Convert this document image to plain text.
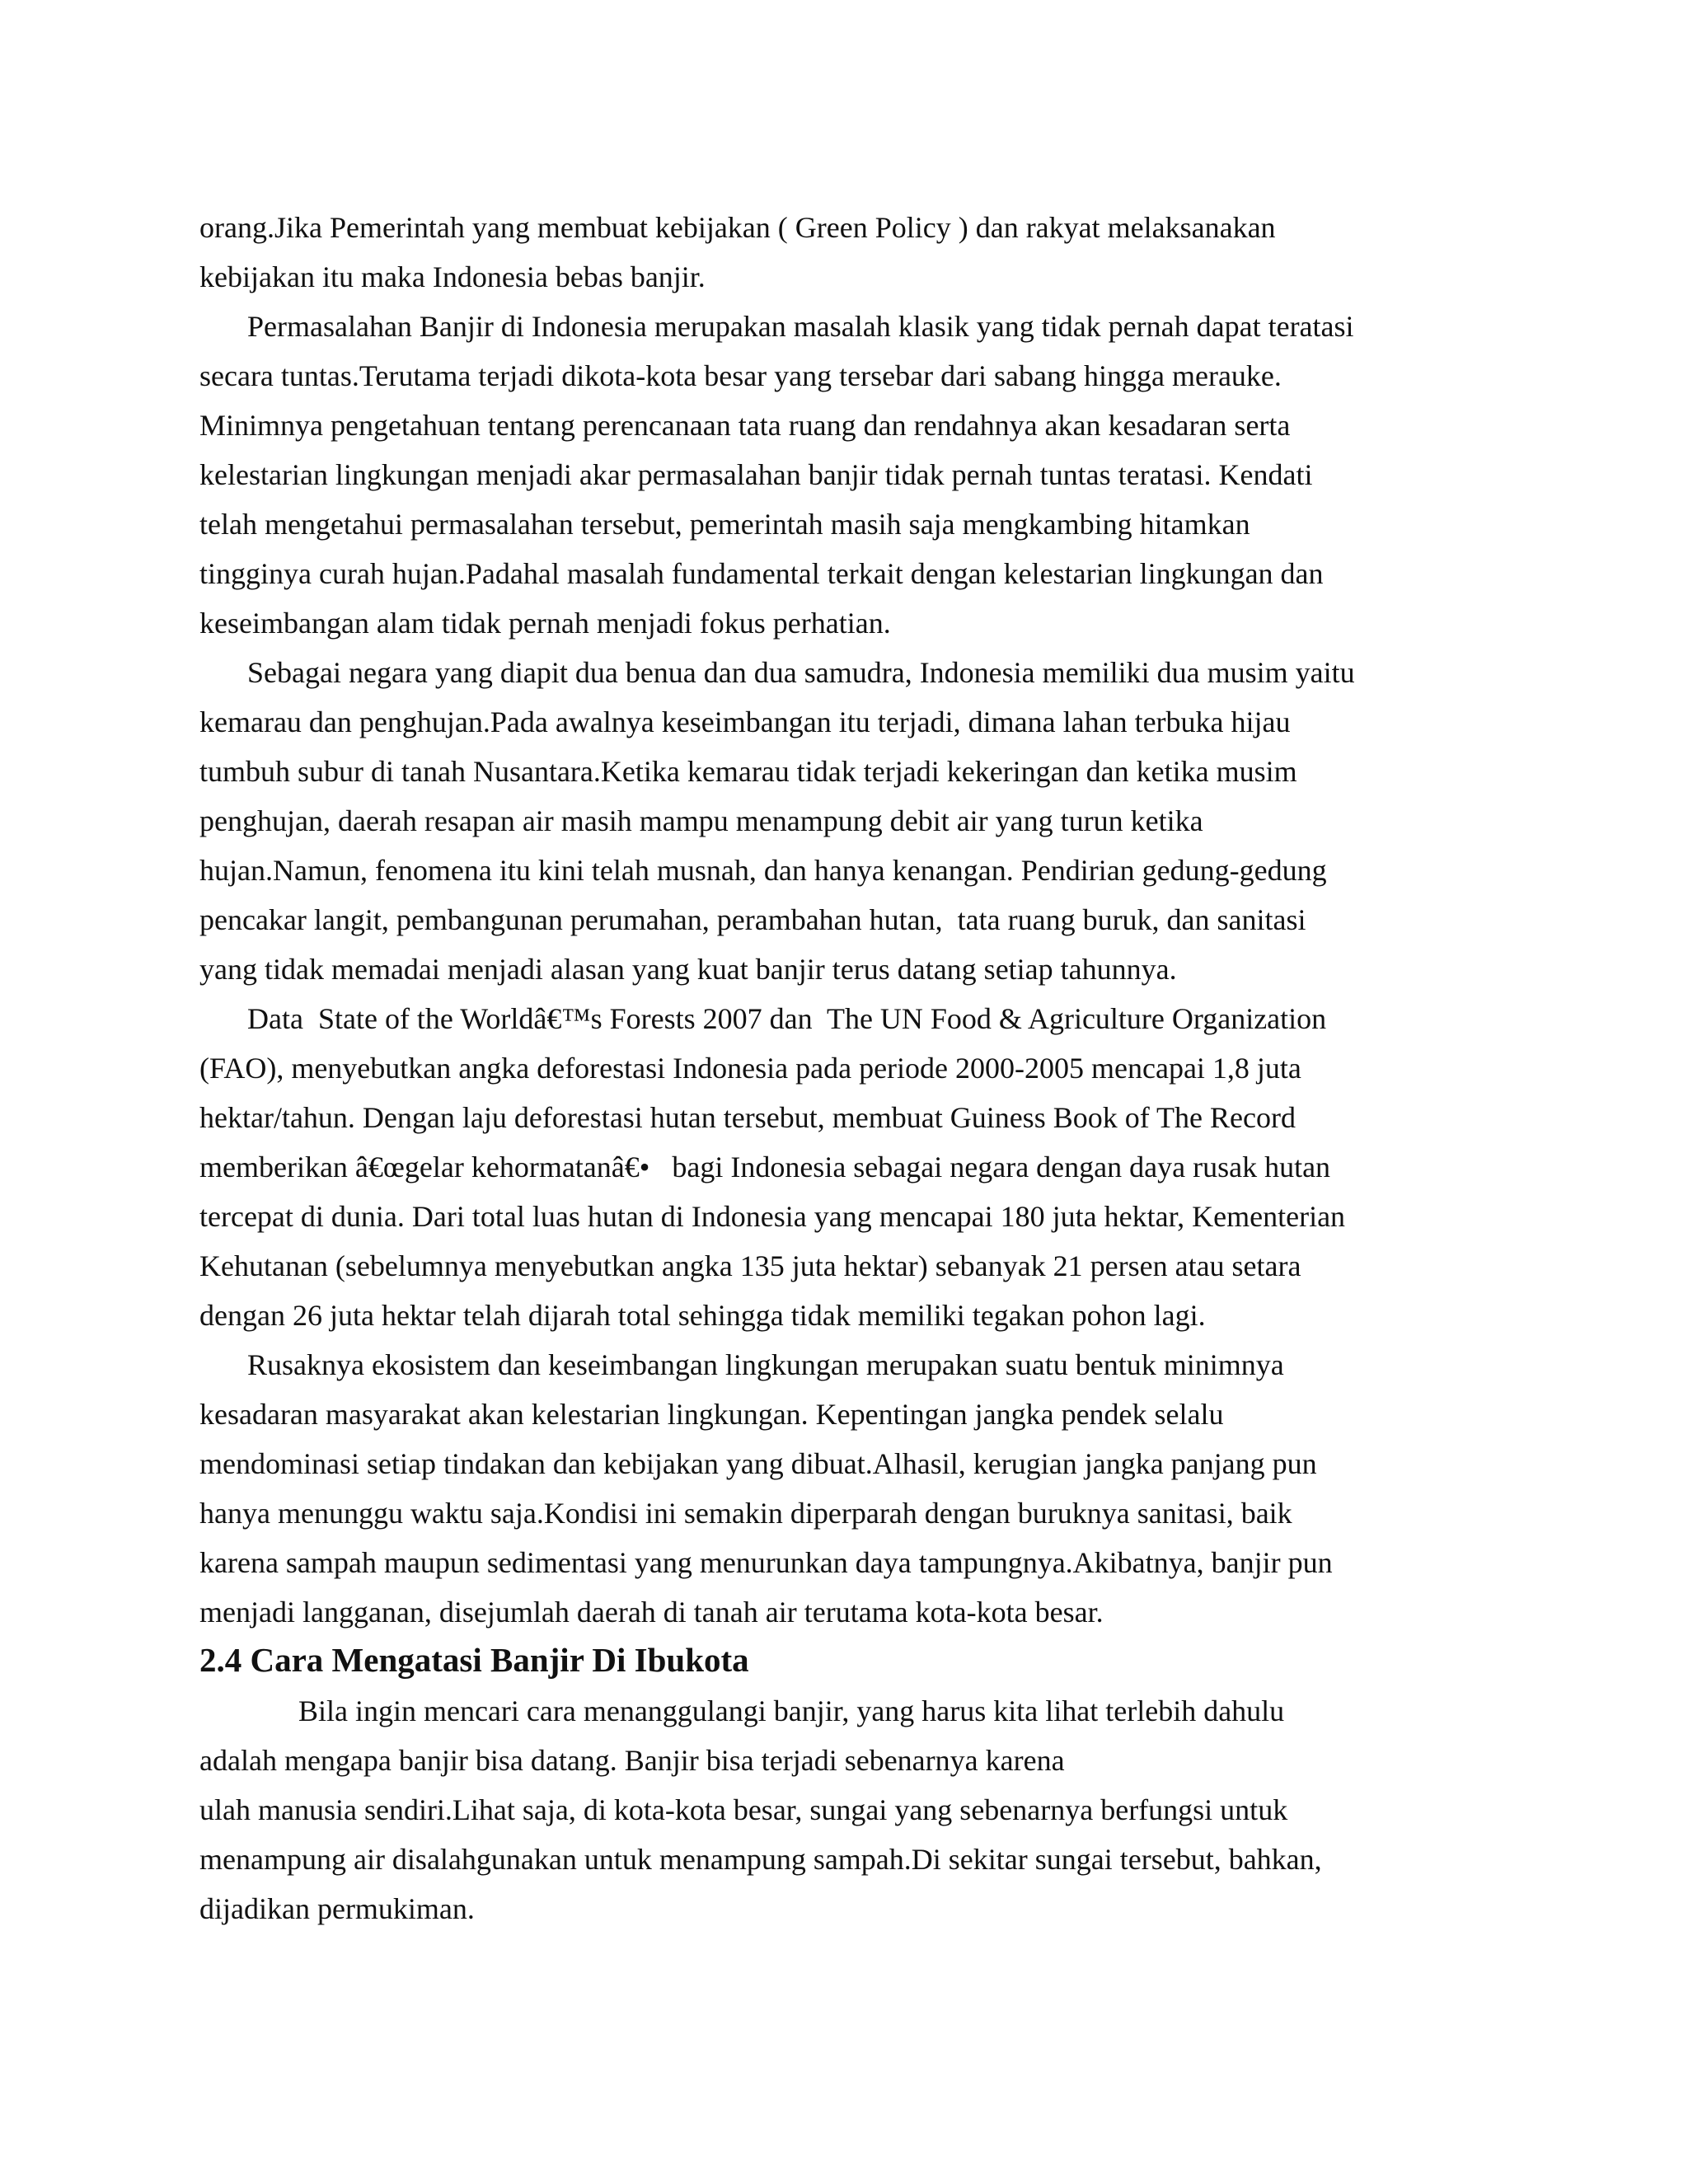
orang.Jika Pemerintah yang membuat kebijakan ( Green Policy ) dan rakyat melaksanakan
kebijakan itu maka Indonesia bebas banjir.
Permasalahan Banjir di Indonesia merupakan masalah klasik yang tidak pernah dapat teratasi
secara tuntas.Terutama terjadi dikota-kota besar yang tersebar dari sabang hingga merauke.
Minimnya pengetahuan tentang perencanaan tata ruang dan rendahnya akan kesadaran serta
kelestarian lingkungan menjadi akar permasalahan banjir tidak pernah tuntas teratasi. Kendati
telah mengetahui permasalahan tersebut, pemerintah masih saja mengkambing hitamkan
tingginya curah hujan.Padahal masalah fundamental terkait dengan kelestarian lingkungan dan
keseimbangan alam tidak pernah menjadi fokus perhatian.
Sebagai negara yang diapit dua benua dan dua samudra, Indonesia memiliki dua musim yaitu
kemarau dan penghujan.Pada awalnya keseimbangan itu terjadi, dimana lahan terbuka hijau
tumbuh subur di tanah Nusantara.Ketika kemarau tidak terjadi kekeringan dan ketika musim
penghujan, daerah resapan air masih mampu menampung debit air yang turun ketika
hujan.Namun, fenomena itu kini telah musnah, dan hanya kenangan. Pendirian gedung-gedung
pencakar langit, pembangunan perumahan, perambahan hutan,  tata ruang buruk, dan sanitasi
yang tidak memadai menjadi alasan yang kuat banjir terus datang setiap tahunnya.
Data  State of the Worldâ€™s Forests 2007 dan  The UN Food & Agriculture Organization
(FAO), menyebutkan angka deforestasi Indonesia pada periode 2000-2005 mencapai 1,8 juta
hektar/tahun. Dengan laju deforestasi hutan tersebut, membuat Guiness Book of The Record
memberikan â€œgelar kehormatanâ€•   bagi Indonesia sebagai negara dengan daya rusak hutan
tercepat di dunia. Dari total luas hutan di Indonesia yang mencapai 180 juta hektar, Kementerian
Kehutanan (sebelumnya menyebutkan angka 135 juta hektar) sebanyak 21 persen atau setara
dengan 26 juta hektar telah dijarah total sehingga tidak memiliki tegakan pohon lagi.
Rusaknya ekosistem dan keseimbangan lingkungan merupakan suatu bentuk minimnya
kesadaran masyarakat akan kelestarian lingkungan. Kepentingan jangka pendek selalu
mendominasi setiap tindakan dan kebijakan yang dibuat.Alhasil, kerugian jangka panjang pun
hanya menunggu waktu saja.Kondisi ini semakin diperparah dengan buruknya sanitasi, baik
karena sampah maupun sedimentasi yang menurunkan daya tampungnya.Akibatnya, banjir pun
menjadi langganan, disejumlah daerah di tanah air terutama kota-kota besar.
2.4 Cara Mengatasi Banjir Di Ibukota
Bila ingin mencari cara menanggulangi banjir, yang harus kita lihat terlebih dahulu
adalah mengapa banjir bisa datang. Banjir bisa terjadi sebenarnya karena
ulah manusia sendiri.Lihat saja, di kota-kota besar, sungai yang sebenarnya berfungsi untuk
menampung air disalahgunakan untuk menampung sampah.Di sekitar sungai tersebut, bahkan,
dijadikan permukiman.
